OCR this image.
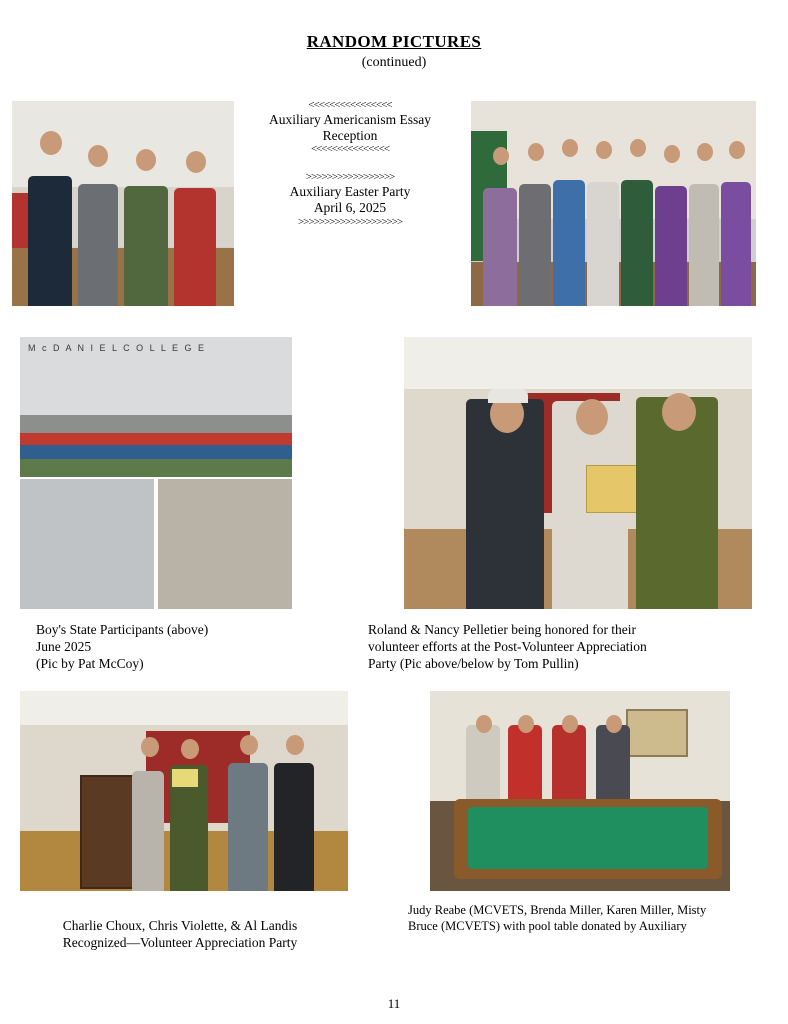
RANDOM PICTURES
(continued)
<<<<<<<<<<<<<<<<
Auxiliary Americanism Essay
Reception
<<<<<<<<<<<<<<<
>>>>>>>>>>>>>>>>>
Auxiliary Easter Party
April 6, 2025
>>>>>>>>>>>>>>>>>>>>
M c D A N I E L C O L L E G E
Boy's State Participants (above)
June 2025
(Pic by Pat McCoy)
Roland & Nancy Pelletier being honored for their
volunteer efforts at the Post-Volunteer Appreciation
Party (Pic above/below by Tom Pullin)
Charlie Choux, Chris Violette, & Al Landis
Recognized—Volunteer Appreciation Party
Judy Reabe (MCVETS, Brenda Miller, Karen Miller, Misty
Bruce (MCVETS) with pool table donated by Auxiliary
11
